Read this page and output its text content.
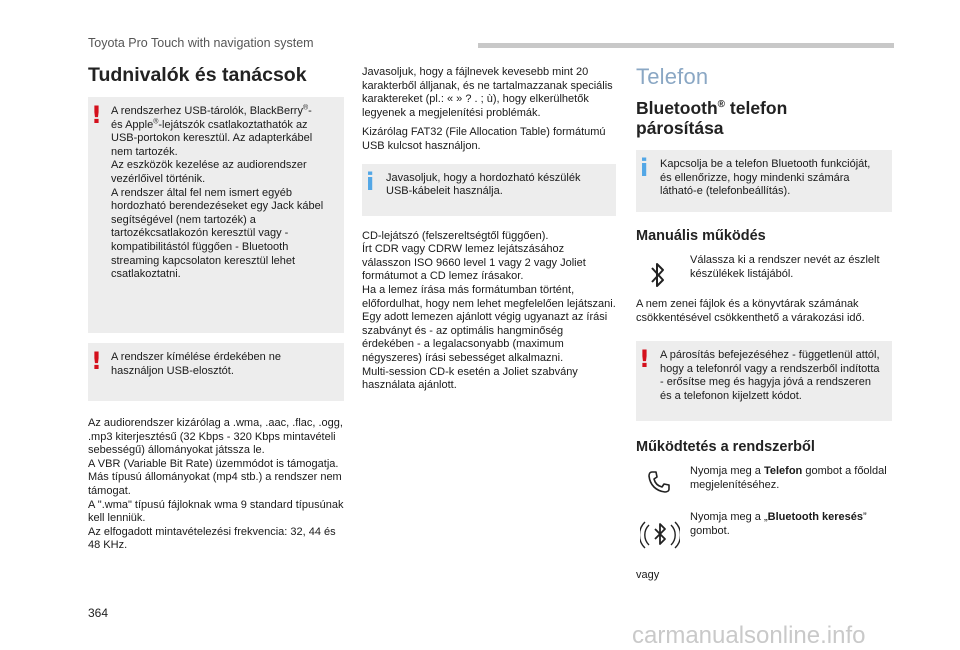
Toyota Pro Touch with navigation system
Tudnivalók és tanácsok
! A rendszerhez USB-tárolók, BlackBerry®-
és Apple®-lejátszók csatlakoztathatók az USB-portokon keresztül. Az adapterkábel nem tartozék.
Az eszközök kezelése az audiorendszer vezérlőivel történik.
A rendszer által fel nem ismert egyéb hordozható berendezéseket egy Jack kábel segítségével (nem tartozék) a tartozékcsatlakozón keresztül vagy - kompatibilitástól függően - Bluetooth streaming kapcsolaton keresztül lehet csatlakoztatni.
! A rendszer kímélése érdekében ne használjon USB-elosztót.

Az audiorendszer kizárólag a .wma, .aac, .flac, .ogg, .mp3 kiterjesztésű (32 Kbps - 320 Kbps mintavételi sebességű) állományokat játssza le.
A VBR (Variable Bit Rate) üzemmódot is támogatja.
Más típusú állományokat (mp4 stb.) a rendszer nem támogat.
A ".wma" típusú fájloknak wma 9 standard típusúnak kell lenniük.
Az elfogadott mintavételezési frekvencia: 32, 44 és 48 KHz.

Javasoljuk, hogy a fájlnevek kevesebb mint 20 karakterből álljanak, és ne tartalmazzanak speciális karaktereket (pl.: « » ? . ; ù), hogy elkerülhetők legyenek a megjelenítési problémák.

Kizárólag FAT32 (File Allocation Table) formátumú USB kulcsot használjon.

i Javasoljuk, hogy a hordozható készülék USB-kábeleit használja.

CD-lejátszó (felszereltségtől függően).
Írt CDR vagy CDRW lemez lejátszásához válasszon ISO 9660 level 1 vagy 2 vagy Joliet formátumot a CD lemez írásakor.
Ha a lemez írása más formátumban történt, előfordulhat, hogy nem lehet megfelelően lejátszani.
Egy adott lemezen ajánlott végig ugyanazt az írási szabványt és - az optimális hangminőség érdekében - a legalacsonyabb (maximum négyszeres) írási sebességet alkalmazni.
Multi-session CD-k esetén a Joliet szabvány használata ajánlott.

Telefon
Bluetooth® telefon
párosítása
i Kapcsolja be a telefon Bluetooth funkcióját, és ellenőrizze, hogy mindenki számára látható-e (telefonbeállítás).
Manuális működés
Válassza ki a rendszer nevét az észlelt készülékek listájából.

A nem zenei fájlok és a könyvtárak számának csökkentésével csökkenthető a várakozási idő.

! A párosítás befejezéséhez - függetlenül attól, hogy a telefonról vagy a rendszerből indította - erősítse meg és hagyja jóvá a rendszeren és a telefonon kijelzett kódot.
Működtetés a rendszerből
Nyomja meg a Telefon gombot a főoldal megjelenítéséhez.
Nyomja meg a „Bluetooth keresés” gombot.

vagy

364
carmanualsonline.info
